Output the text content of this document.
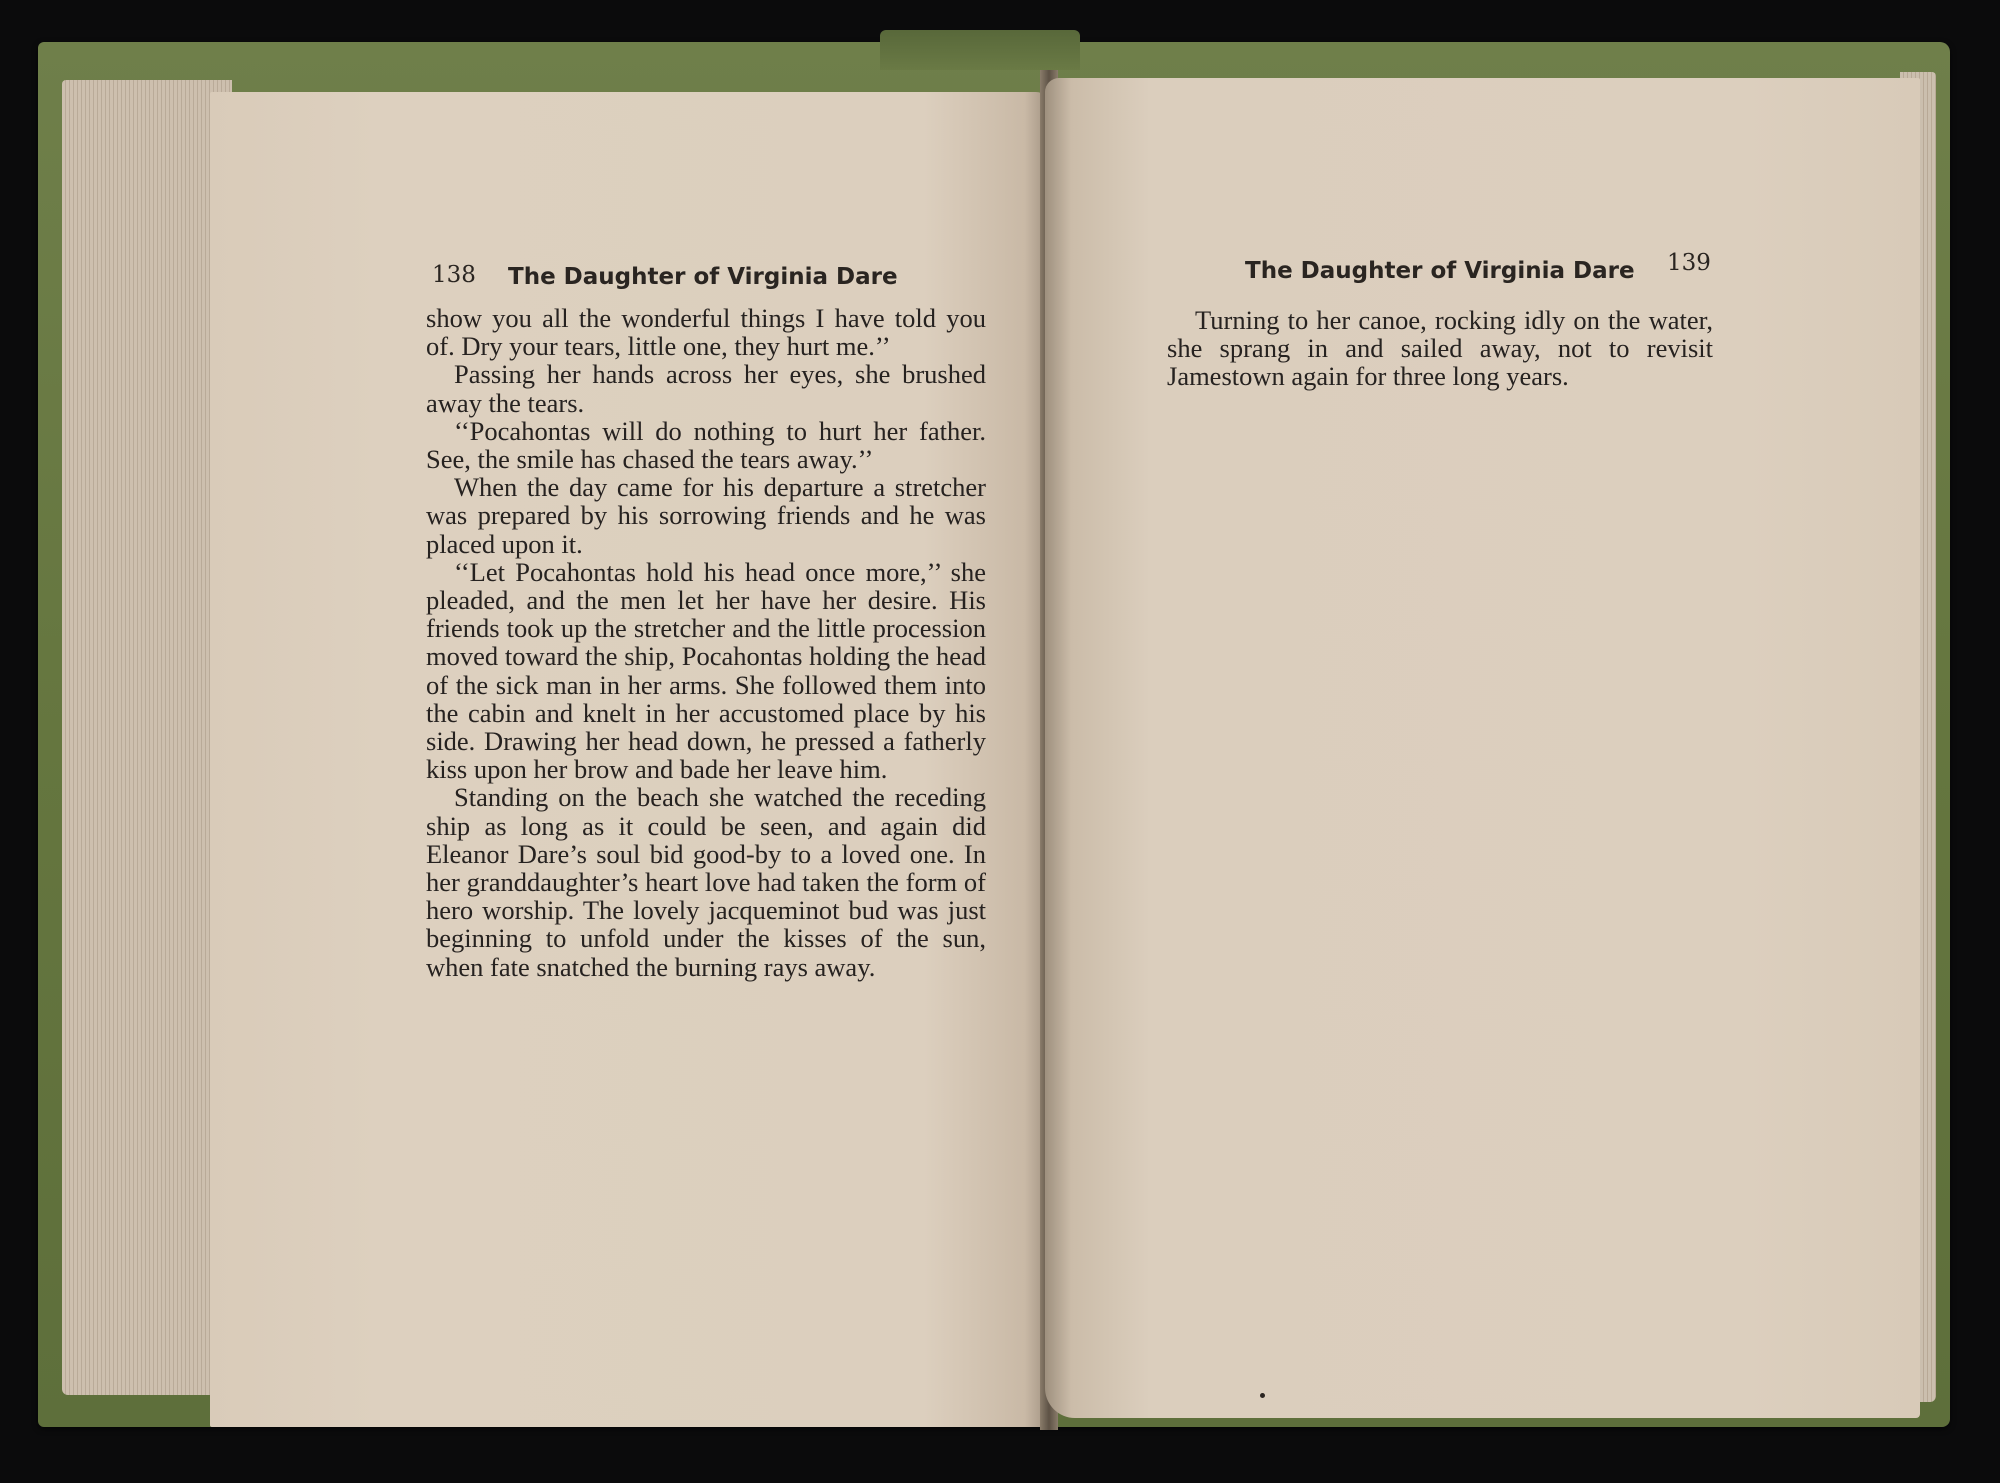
138 The Daughter of Virginia Dare

show you all the wonderful things I have told you of. Dry your tears, little one, they hurt me.’’

Passing her hands across her eyes, she brushed away the tears.

‘‘Pocahontas will do nothing to hurt her father. See, the smile has chased the tears away.’’

When the day came for his departure a stretcher was prepared by his sorrowing friends and he was placed upon it.

‘‘Let Pocahontas hold his head once more,’’ she pleaded, and the men let her have her desire. His friends took up the stretcher and the little procession moved toward the ship, Pocahontas holding the head of the sick man in her arms. She followed them into the cabin and knelt in her accustomed place by his side. Drawing her head down, he pressed a fatherly kiss upon her brow and bade her leave him.

Standing on the beach she watched the receding ship as long as it could be seen, and again did Eleanor Dare’s soul bid good-by to a loved one. In her granddaughter’s heart love had taken the form of hero worship. The lovely jacqueminot bud was just beginning to unfold under the kisses of the sun, when fate snatched the burning rays away.

The Daughter of Virginia Dare 139

Turning to her canoe, rocking idly on the water, she sprang in and sailed away, not to revisit Jamestown again for three long years.
